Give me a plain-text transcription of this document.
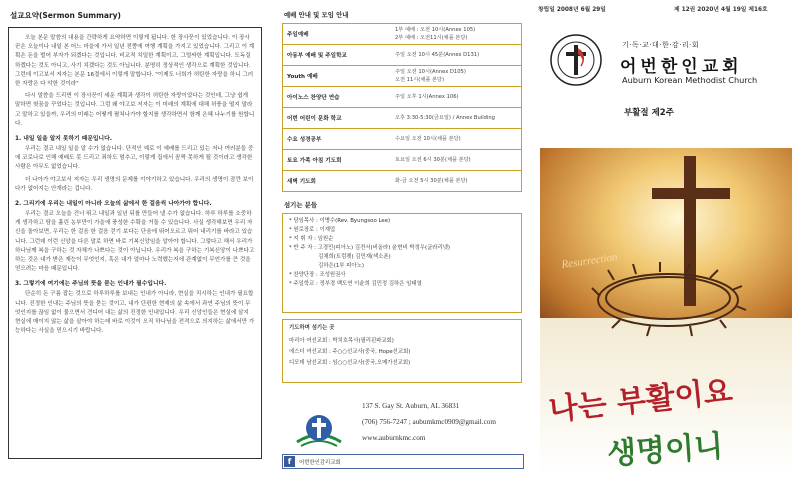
설교요약(Sermon Summary)

오늘 본문 말씀의 내용을 간략하게 요약하면 이렇게 됩니다. 한 장사꾼이 있었습니다. 이 장사꾼은 오늘이나 내일 본 어느 마을에 가서 일년 전쯤에 여행 계획을 가지고 있었습니다. 그리고 이 계획은 돈을 벌어 부자가 되겠다는 것입니다. 비교적 치밀한 계획이고, 그럴싸한 계획입니다. 도독질하겠다는 것도 아니고, 사기 치겠다는 것도 아닙니다. 분명히 정상적인 생각으로 계획한 것입니다. 그런데 이고보서 저자는 본문 16절에서 이렇게 말합니다. "이제도 너희가 허탄한 자랑을 하니 그러한 자랑은 다 악한 것이라"

다시 말씀을 드리면 이 장사꾼이 세운 계획과 생각이 허탄한 자랑이었다는 것인데, 그냥 쉽게 말하면 헛꿈을 꾸었다는 것입니다. 그럼 왜 야고보 저자는 이 미래의 계획에 대해 허풍을 떨지 말라고 말하고 있을까, 우리의 미래는 어떻게 펼쳐나가야 할지를 생각하면서 함께 은혜 나누기를 원합니다.

1. 내일 일을 알지 못하기 때문입니다.

우리는 결코 내일 일을 알 수가 없습니다. 단적인 예로 이 예배를 드리고 있는 저나 여러분들 중에 코로나로 인해 예배도 못 드리고 죄하도 멈추고, 이렇게 집에서 꼼짝 못하게 될 것이라고 생각한 사람은 아무도 없었습니다.

더 나아가 야고보서 저자는 우리 생명의 문제를 이야기하고 있습니다. 우리의 생명이 잠깐 보이다가 없어지는 안개라는 겁니다.

2. 그리기에 우리는 내일이 아니라 오늘의 삶에서 한 걸음씩 나아가야 합니다.

우리는 결코 오늘을 건너 뛰고 내일과 일년 뒤를 만들어 낼 수가 없습니다. 하루 하루를 소중하게 생각하고 땀을 흘린 농부만이 가을에 풍성한 수확을 거둘 수 있습니다. 사실 생각해보면 우리 자신을 돌아보면, 우리는 한 걸음 한 걸음 걷기 보다는 단숨에 뛰어오르고 뭐어 내리기를 바라고 있습니다. 그런데 이런 신앙을 다른 말로 하면 바로 기복신앙임을 알아야 합니다. 그렇다고 해서 우리가 하나님께 복을 구하는 것 자체가 나쁘다는 것이 아닙니다. 우리가 복을 구하는 기복신앙이 나쁘다고 하는 것은 내가 받은 재능이 무엇인지, 혹은 내가 얼마나 노력했는지에 관계없이 무언가를 큰 것을 얻으려는 마음 때문입니다.

3. 그렇기에 여기에는 주님의 뜻을 묻는 인내가 필수입니다.

단순히 돈 구름 잡는 것으로 하루하루를 보내는 인내가 아니라, 현실을 치시하는 인내가 필요합니다. 진정한 인내는 주님의 뜻을 묻는 것이고, 내가 단편한 현재의 삶 속에서 과연 주님의 뜻이 무엇인지를 끊임 없이 물으면서 견디어 내는 삶의 진정한 인내입니다. 우리 신앙인들은 현실에 살지 현실에 매이지 않는 삶을 살아야 하는데 바로 이것이 오직 하나님을 전적으로 의지하는 삶에서만 가능하다는 사실을 믿으시기 바랍니다.

예배 안내 및 모임 안내
주일예배	1부 예배 : 오전 10시(Annex 105)
2부 예배 : 오전11시(채플 본당)

아동부 예배 및 주일학교	주일 오전 10시 45분(Annex D131)

Youth 예배	주일 오전 10시(Annex D105)
오전 11시(채플 본당)

아이노스 찬양단 연습	주일 오후 1시(Annex 106)

어번 어린이 문화 학교	오후 3:30-5:30(금요일) / Annex Building

수요 성경공부	수요일 오전 10시(채플 본당)

토요 가족 아침 기도회	토요일 오전 6시 30분(채플 본당)

새벽 기도회	화-금 오전 5시 30분(채플 본당)
섬기는 분들
* 담임목사 : 이병수(Rev. Byungsoo Lee)
* 원로장로 : 이재업
* 지 휘 자 : 임원순
* 반 주 자 : 고경민(피아노) 김전서(비올라) 윤현비 박정우(글라리넷)
김채희(트럼펫) 김민재(색소폰)
김하은(1부 피아노)
* 찬양단장 : 조성원권사
* 주일학교 : 정부경 백도연 이윤희 김민정 김하은 임태열
기도하며 섬기는 곳
마리아 여선교회 : 박치호목사(필리핀파교회)
에스더 여선교회 : 주○○선교사(중국, Hope선교회)
디모데 남선교회 : 임○○선교사(중국,오메가선교회)
137 S. Gay St. Auburn, AL 36831
(706) 756-7247 ; aubumkmc0909@gmail.com
www.auburnkmc.com
f	어번한인감리교회
창립일 2008년 6월 29일	제 12권 2020년 4월 19일 제16호
기·독·교·대·한·감·리·회
어번한인교회
Auburn Korean Methodist Church
부활절 제2주
Resurrection
나는 부활이요
생명이니
